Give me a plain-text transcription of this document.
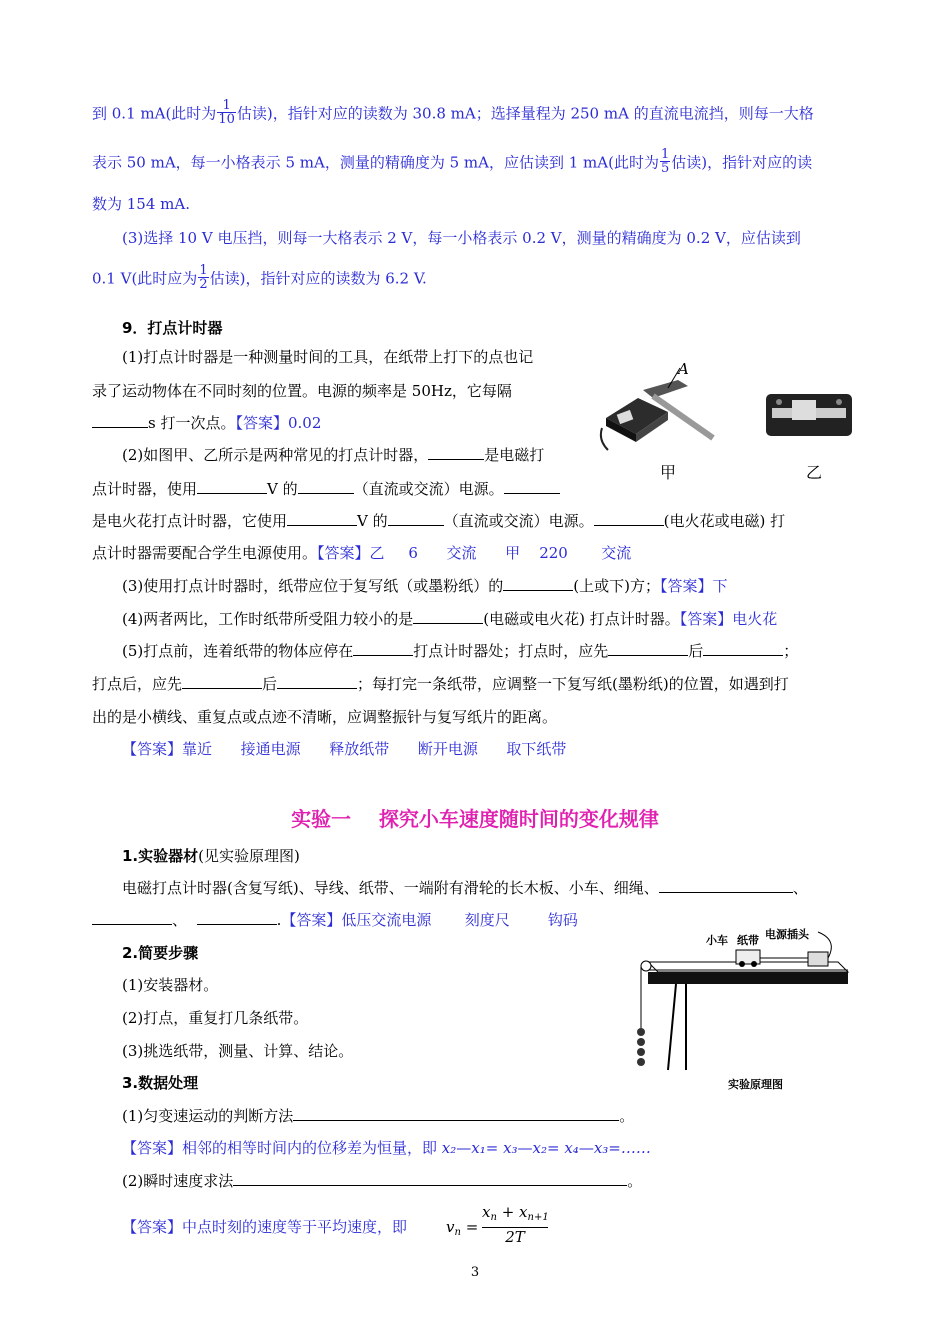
到 0.1 mA(此时为 $\frac{1}{10}$ 估读)，指针对应的读数为 30.8 mA；选择量程为 250 mA 的直流电流挡，则每一大格
表示 50 mA，每一小格表示 5 mA，测量的精确度为 5 mA，应估读到 1 mA(此时为 $\frac{1}{5}$ 估读)，指针对应的读
数为 154 mA.
(3)选择 10 V 电压挡，则每一大格表示 2 V，每一小格表示 0.2 V，测量的精确度为 0.2 V，应估读到
0.1 V(此时应为 $\frac{1}{2}$ 估读)，指针对应的读数为 6.2 V.
9．打点计时器
(1)打点计时器是一种测量时间的工具，在纸带上打下的点也记
录了运动物体在不同时刻的位置。电源的频率是 50Hz，它每隔
s 打一次点。【答案】0.02
(2)如图甲、乙所示是两种常见的打点计时器，	是电磁打
点计时器，使用	V 的	（直流或交流）电源。
是电火花打点计时器，它使用	V 的	（直流或交流）电源。	(电火花或电磁) 打
点计时器需要配合学生电源使用。【答案】乙     6      交流      甲    220       交流
(3)使用打点计时器时，纸带应位于复写纸（或墨粉纸）的	(上或下)方；【答案】下
(4)两者两比，工作时纸带所受阻力较小的是	(电磁或电火花) 打点计时器。【答案】电火花
(5)打点前，连着纸带的物体应停在	打点计时器处；打点时，应先	后	；
打点后，应先	后	；每打完一条纸带，应调整一下复写纸(墨粉纸)的位置，如遇到打
出的是小横线、重复点或点迹不清晰，应调整振针与复写纸片的距离。
【答案】靠近      接通电源      释放纸带      断开电源      取下纸带
A
甲	乙
实验一    探究小车速度随时间的变化规律
1.实验器材(见实验原理图)
电磁打点计时器(含复写纸)、导线、纸带、一端附有滑轮的长木板、小车、细绳、	、
、	.【答案】低压交流电源       刻度尺        钩码
2.简要步骤
(1)安装器材。
(2)打点，重复打几条纸带。
(3)挑选纸带，测量、计算、结论。
3.数据处理
(1)匀变速运动的判断方法	。
【答案】相邻的相等时间内的位移差为恒量，即 x₂—x₁= x₃—x₂= x₄—x₃=……
(2)瞬时速度求法	。
【答案】中点时刻的速度等于平均速度，即	$v_n = \frac{x_n + x_{n+1}}{2T}$
小车 纸带 电源插头
实验原理图
3
